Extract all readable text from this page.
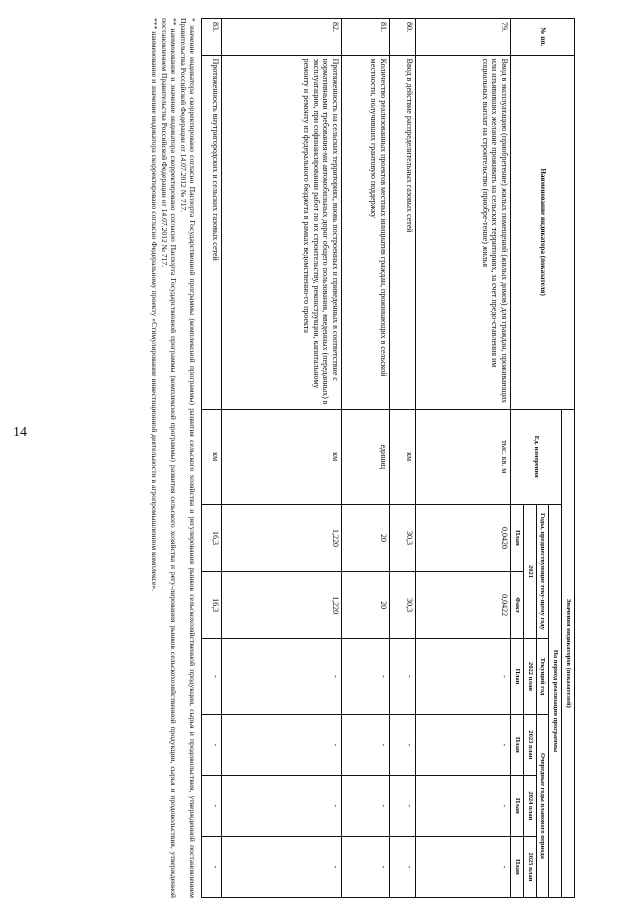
14
№ пп.	Наименование индикатора (показателя)	Значения индикаторов (показателей)						
		Ед. измерения	На период реализации программы					
			Годы, предшествующие теку-щему году		Текущий год	Очередные годы планового периода		
			2021		2022 план	2023 план	2024 план	2025 план
			План	Факт	План	План	План	План
79.	Ввод в эксплуатацию (приобретение) жилых помещений (жилых домов) для граждан, проживающих или изъявивших желание проживать на сельских территориях, за счет предо-ставления им социальных выплат на строительство (приобре-тение) жилья	тыс. кв. м	0,0420	0,0422	-	-	-	-
80.	Ввод в действие распределительных газовых сетей	км	30,3	30,3	-	-	-	-
81.	Количество реализованных проектов местных инициатив граждан, проживающих в сельской местности, получивших грантовую поддержку	единиц	20	20	-	-	-	-
82.	Протяженность на сельских территориях, вновь построенных и приведенных в соответствие с нормативными требования-ми автомобильных дорог общего пользования, введенных (переданных) в эксплуатацию, при софинансировании работ по их строительству, реконструкции, капитальному ремонту и ремонту из федерального бюджета в рамках ведомственно-го проекта	км	1,220	1,220	-	-	-	-
83.	Протяженность внутригородских и сельских газовых сетей	км	16,3	16,3	-	-	-	-

* значение индикатора скорректировано согласно Паспорта Государственной программы (комплексной программы) развития сельского хозяйства и регулирования рынков сельскохозяйственной продукции, сырья и продовольствия, утвержденной постановлением Правительства Российской Федерации от 14.07.2012 № 717.

** наименование и значение индикатора скорректировано согласно Паспорта Государственной программы (комплексной программы) развития сельского хозяйства и регу-лирования рынков сельскохозяйственной продукции, сырья и продовольствия, утвержденной постановлением Правительства Российской Федерации от 14.07.2012 № 717.

*** наименование и значение индикатора скорректировано согласно Федеральному проекту «Стимулирование инвестиционной деятельности в агропромышленном комплексе».
